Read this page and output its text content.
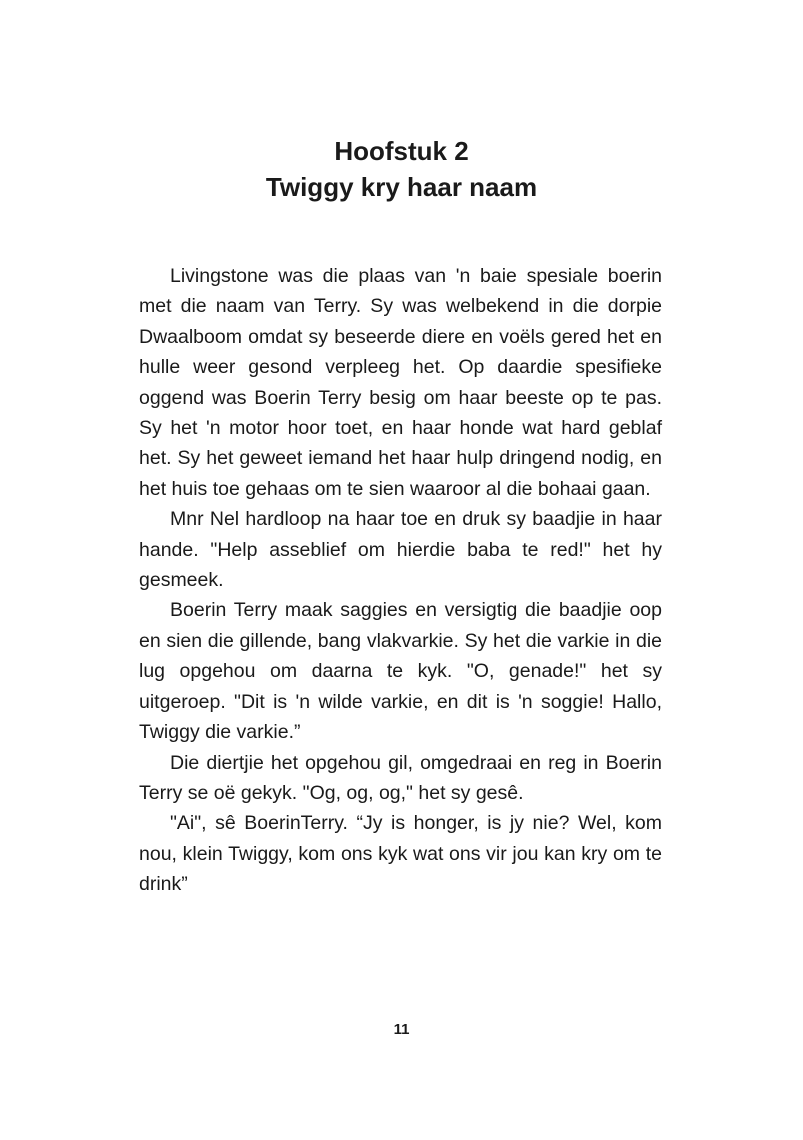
Hoofstuk 2
Twiggy kry haar naam

Livingstone was die plaas van 'n baie spesiale boerin met die naam van Terry. Sy was welbekend in die dorpie Dwaalboom omdat sy beseerde diere en voëls gered het en hulle weer gesond verpleeg het. Op daardie spesifieke oggend was Boerin Terry besig om haar beeste op te pas. Sy het 'n motor hoor toet, en haar honde wat hard geblaf het. Sy het geweet iemand het haar hulp dringend nodig, en het huis toe gehaas om te sien waaroor al die bohaai gaan.

Mnr Nel hardloop na haar toe en druk sy baadjie in haar hande. "Help asseblief om hierdie baba te red!" het hy gesmeek.

Boerin Terry maak saggies en versigtig die baadjie oop en sien die gillende, bang vlakvarkie. Sy het die varkie in die lug opgehou om daarna te kyk. "O, genade!" het sy uitgeroep. "Dit is 'n wilde varkie, en dit is 'n soggie! Hallo, Twiggy die varkie.”

Die diertjie het opgehou gil, omgedraai en reg in Boerin Terry se oë gekyk. "Og, og, og," het sy gesê.

"Ai", sê BoerinTerry. “Jy is honger, is jy nie? Wel, kom nou, klein Twiggy, kom ons kyk wat ons vir jou kan kry om te drink”

11
